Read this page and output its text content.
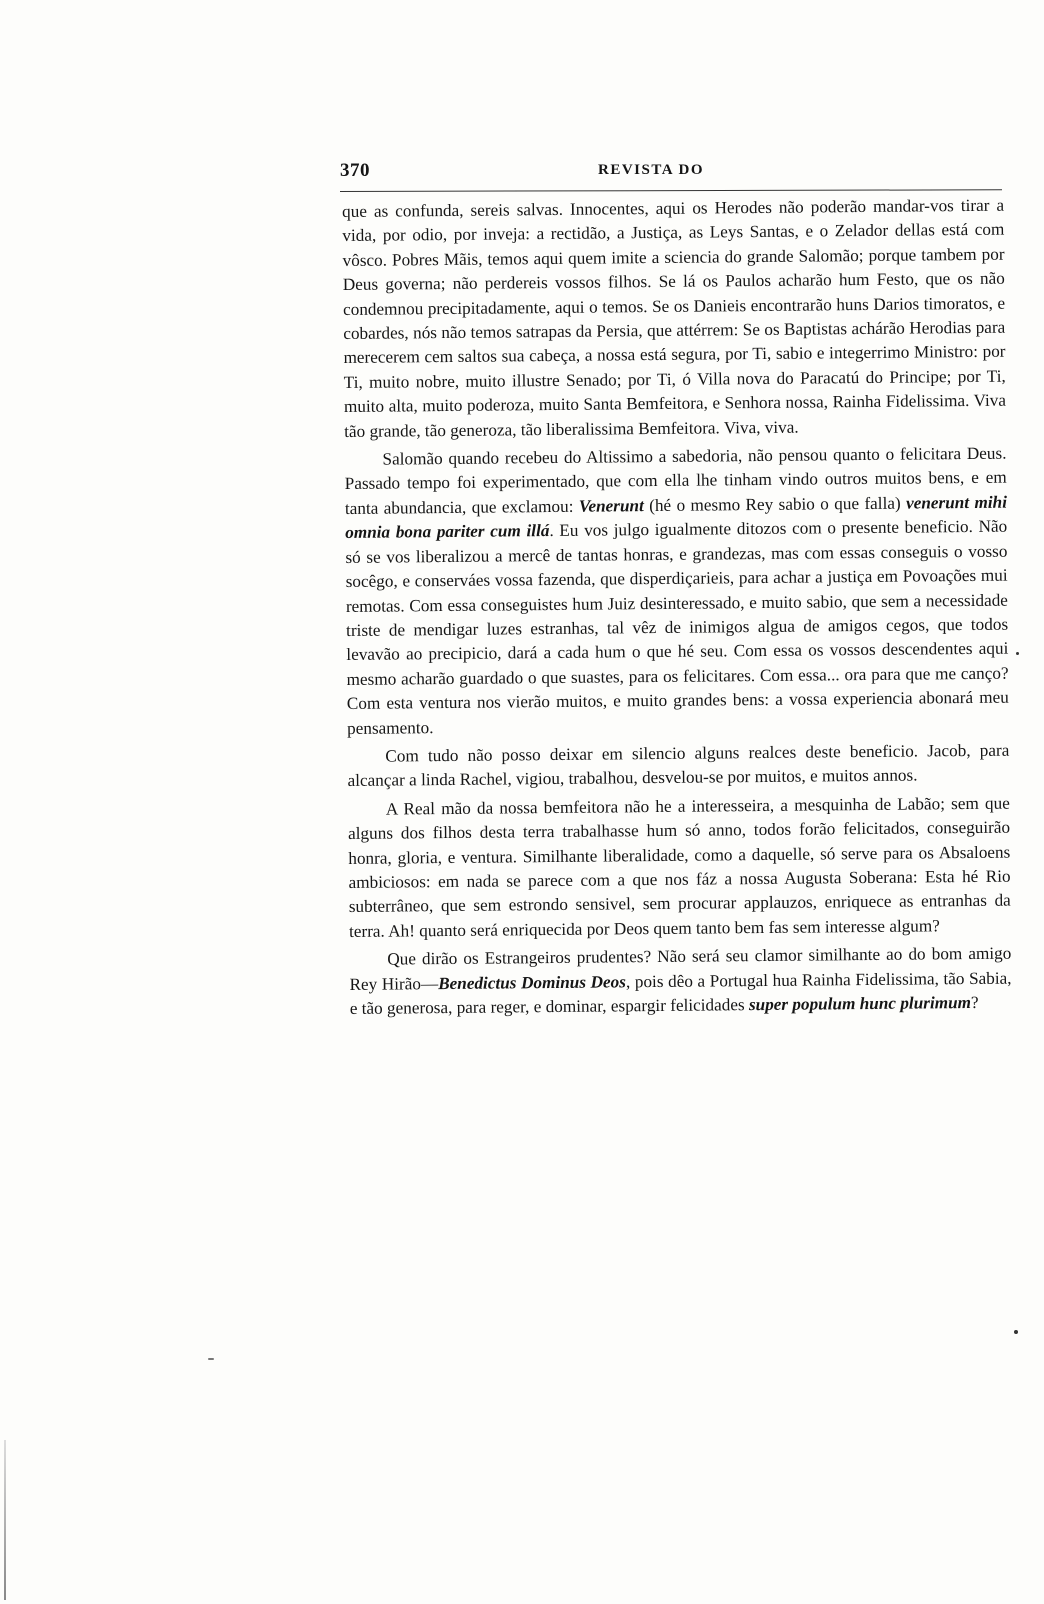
370	REVISTA DO

que as confunda, sereis salvas. Innocentes, aqui os Herodes não poderão mandar-vos tirar a vida, por odio, por inveja: a rectidão, a Justiça, as Leys Santas, e o Zelador dellas está com vôsco. Pobres Mãis, temos aqui quem imite a sciencia do grande Salomão; porque tambem por Deus governa; não perdereis vossos filhos. Se lá os Paulos acharão hum Festo, que os não condemnou precipitadamente, aqui o temos. Se os Danieis encontrarão huns Darios timoratos, e cobardes, nós não temos satrapas da Persia, que attérrem: Se os Baptistas achárão Herodias para merecerem cem saltos sua cabeça, a nossa está segura, por Ti, sabio e integerrimo Ministro: por Ti, muito nobre, muito illustre Senado; por Ti, ó Villa nova do Paracatú do Principe; por Ti, muito alta, muito poderoza, muito Santa Bemfeitora, e Senhora nossa, Rainha Fidelissima. Viva tão grande, tão generoza, tão liberalissima Bemfeitora. Viva, viva.

Salomão quando recebeu do Altissimo a sabedoria, não pensou quanto o felicitara Deus. Passado tempo foi experimentado, que com ella lhe tinham vindo outros muitos bens, e em tanta abundancia, que exclamou: Venerunt (hé o mesmo Rey sabio o que falla) venerunt mihi omnia bona pariter cum illá. Eu vos julgo igualmente ditozos com o presente beneficio. Não só se vos liberalizou a mercê de tantas honras, e grandezas, mas com essas conseguis o vosso socêgo, e conserváes vossa fazenda, que disperdiçarieis, para achar a justiça em Povoações mui remotas. Com essa conseguistes hum Juiz desinteressado, e muito sabio, que sem a necessidade triste de mendigar luzes estranhas, tal vêz de inimigos algua de amigos cegos, que todos levavão ao precipicio, dará a cada hum o que hé seu. Com essa os vossos descendentes aqui mesmo acharão guardado o que suastes, para os felicitares. Com essa... ora para que me canço? Com esta ventura nos vierão muitos, e muito grandes bens: a vossa experiencia abonará meu pensamento.

Com tudo não posso deixar em silencio alguns realces deste beneficio. Jacob, para alcançar a linda Rachel, vigiou, trabalhou, desvelou-se por muitos, e muitos annos.

A Real mão da nossa bemfeitora não he a interesseira, a mesquinha de Labão; sem que alguns dos filhos desta terra trabalhasse hum só anno, todos forão felicitados, conseguirão honra, gloria, e ventura. Similhante liberalidade, como a daquelle, só serve para os Absaloens ambiciosos: em nada se parece com a que nos fáz a nossa Augusta Soberana: Esta hé Rio subterrâneo, que sem estrondo sensivel, sem procurar applauzos, enriquece as entranhas da terra. Ah! quanto será enriquecida por Deos quem tanto bem fas sem interesse algum?

Que dirão os Estrangeiros prudentes? Não será seu clamor similhante ao do bom amigo Rey Hirão—Benedictus Dominus Deos, pois dêo a Portugal hua Rainha Fidelissima, tão Sabia, e tão generosa, para reger, e dominar, espargir felicidades super populum hunc plurimum?
